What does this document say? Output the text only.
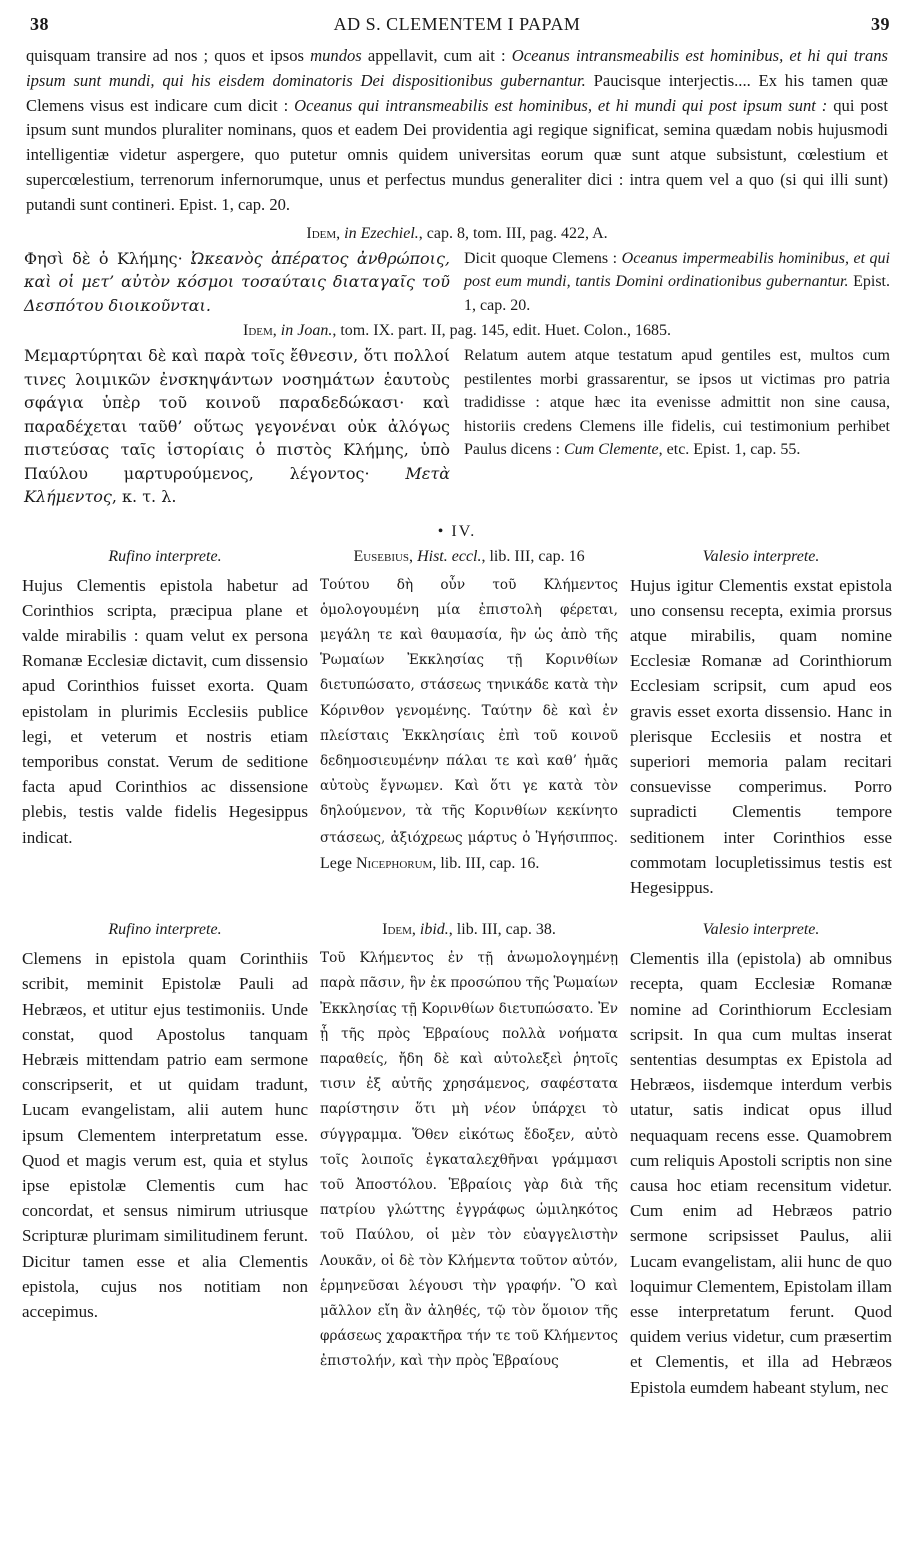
38	AD S. CLEMENTEM I PAPAM	39

quisquam transire ad nos ; quos et ipsos mundos appellavit, cum ait : Oceanus intransmeabilis est hominibus, et hi qui trans ipsum sunt mundi, qui his eisdem dominatoris Dei dispositionibus gubernantur. Paucisque interjectis.... Ex his tamen quæ Clemens visus est indicare cum dicit : Oceanus qui intransmeabilis est hominibus, et hi mundi qui post ipsum sunt : qui post ipsum sunt mundos pluraliter nominans, quos et eadem Dei providentia agi regique significat, semina quædam nobis hujusmodi intelligentiæ videtur aspergere, quo putetur omnis quidem universitas eorum quæ sunt atque subsistunt, cœlestium et supercœlestium, terrenorum infernorumque, unus et perfectus mundus generaliter dici : intra quem vel a quo (si qui illi sunt) putandi sunt contineri. Epist. 1, cap. 20.

Idem, in Ezechiel., cap. 8, tom. III, pag. 422, A.
Φησὶ δὲ ὁ Κλήμης· Ὠκεανὸς ἀπέρατος ἀνθρώποις, καὶ οἱ μετ’ αὐτὸν κόσμοι τοσαύταις διαταγαῖς τοῦ Δεσπότου διοικοῦνται.
Dicit quoque Clemens : Oceanus impermeabilis hominibus, et qui post eum mundi, tantis Domini ordinationibus gubernantur. Epist. 1, cap. 20.
Idem, in Joan., tom. IX. part. II, pag. 145, edit. Huet. Colon., 1685.
Μεμαρτύρηται δὲ καὶ παρὰ τοῖς ἔθνεσιν, ὅτι πολλοί τινες λοιμικῶν ἐνσκηψάντων νοσημάτων ἑαυτοὺς σφάγια ὑπὲρ τοῦ κοινοῦ παραδεδώκασι· καὶ παραδέχεται ταῦθ’ οὕτως γεγονέναι οὐκ ἀλόγως πιστεύσας ταῖς ἱστορίαις ὁ πιστὸς Κλήμης, ὑπὸ Παύλου μαρτυρούμενος, λέγοντος· Μετὰ Κλήμεντος, κ. τ. λ.
Relatum autem atque testatum apud gentiles est, multos cum pestilentes morbi grassarentur, se ipsos ut victimas pro patria tradidisse : atque hæc ita evenisse admittit non sine causa, historiis credens Clemens ille fidelis, cui testimonium perhibet Paulus dicens : Cum Clemente, etc. Epist. 1, cap. 55.
• IV.
Rufino interprete.
Hujus Clementis epistola habetur ad Corinthios scripta, præcipua plane et valde mirabilis : quam velut ex persona Romanæ Ecclesiæ dictavit, cum dissensio apud Corinthios fuisset exorta. Quam epistolam in plurimis Ecclesiis publice legi, et veterum et nostris etiam temporibus constat. Verum de seditione facta apud Corinthios ac dissensione plebis, testis valde fidelis Hegesippus indicat.
Eusebius, Hist. eccl., lib. III, cap. 16
Τούτου δὴ οὖν τοῦ Κλήμεντος ὁμολογουμένη μία ἐπιστολὴ φέρεται, μεγάλη τε καὶ θαυμασία, ἣν ὡς ἀπὸ τῆς Ῥωμαίων Ἐκκλησίας τῇ Κορινθίων διετυπώσατο, στάσεως τηνικάδε κατὰ τὴν Κόρινθον γενομένης. Ταύτην δὲ καὶ ἐν πλείσταις Ἐκκλησίαις ἐπὶ τοῦ κοινοῦ δεδημοσιευμένην πάλαι τε καὶ καθ’ ἡμᾶς αὐτοὺς ἔγνωμεν. Καὶ ὅτι γε κατὰ τὸν δηλούμενον, τὰ τῆς Κορινθίων κεκίνητο στάσεως, ἀξιόχρεως μάρτυς ὁ Ἡγήσιππος. Lege Nicephorum, lib. III, cap. 16.
Valesio interprete.
Hujus igitur Clementis exstat epistola uno consensu recepta, eximia prorsus atque mirabilis, quam nomine Ecclesiæ Romanæ ad Corinthiorum Ecclesiam scripsit, cum apud eos gravis esset exorta dissensio. Hanc in plerisque Ecclesiis et nostra et superiori memoria palam recitari consuevisse comperimus. Porro supradicti Clementis tempore seditionem inter Corinthios esse commotam locupletissimus testis est Hegesippus.
Rufino interprete.
Clemens in epistola quam Corinthiis scribit, meminit Epistolæ Pauli ad Hebræos, et utitur ejus testimoniis. Unde constat, quod Apostolus tanquam Hebræis mittendam patrio eam sermone conscripserit, et ut quidam tradunt, Lucam evangelistam, alii autem hunc ipsum Clementem interpretatum esse. Quod et magis verum est, quia et stylus ipse epistolæ Clementis cum hac concordat, et sensus nimirum utriusque Scripturæ plurimam similitudinem ferunt. Dicitur tamen esse et alia Clementis epistola, cujus nos notitiam non accepimus.
Idem, ibid., lib. III, cap. 38.
Τοῦ Κλήμεντος ἐν τῇ ἀνωμολογημένῃ παρὰ πᾶσιν, ἣν ἐκ προσώπου τῆς Ῥωμαίων Ἐκκλησίας τῇ Κορινθίων διετυπώσατο. Ἐν ᾗ τῆς πρὸς Ἑβραίους πολλὰ νοήματα παραθείς, ἤδη δὲ καὶ αὐτολεξεὶ ῥητοῖς τισιν ἐξ αὐτῆς χρησάμενος, σαφέστατα παρίστησιν ὅτι μὴ νέον ὑπάρχει τὸ σύγγραμμα. Ὅθεν εἰκότως ἔδοξεν, αὐτὸ τοῖς λοιποῖς ἐγκαταλεχθῆναι γράμμασι τοῦ Ἀποστόλου. Ἑβραίοις γὰρ διὰ τῆς πατρίου γλώττης ἐγγράφως ὡμιληκότος τοῦ Παύλου, οἱ μὲν τὸν εὐαγγελιστὴν Λουκᾶν, οἱ δὲ τὸν Κλήμεντα τοῦτον αὐτόν, ἑρμηνεῦσαι λέγουσι τὴν γραφήν. Ὃ καὶ μᾶλλον εἴη ἂν ἀληθές, τῷ τὸν ὅμοιον τῆς φράσεως χαρακτῆρα τήν τε τοῦ Κλήμεντος ἐπιστολήν, καὶ τὴν πρὸς Ἑβραίους
Valesio interprete.
Clementis illa (epistola) ab omnibus recepta, quam Ecclesiæ Romanæ nomine ad Corinthiorum Ecclesiam scripsit. In qua cum multas inserat sententias desumptas ex Epistola ad Hebræos, iisdemque interdum verbis utatur, satis indicat opus illud nequaquam recens esse. Quamobrem cum reliquis Apostoli scriptis non sine causa hoc etiam recensitum videtur. Cum enim ad Hebræos patrio sermone scripsisset Paulus, alii Lucam evangelistam, alii hunc de quo loquimur Clementem, Epistolam illam esse interpretatum ferunt. Quod quidem verius videtur, cum præsertim et Clementis, et illa ad Hebræos Epistola eumdem habeant stylum, nec
